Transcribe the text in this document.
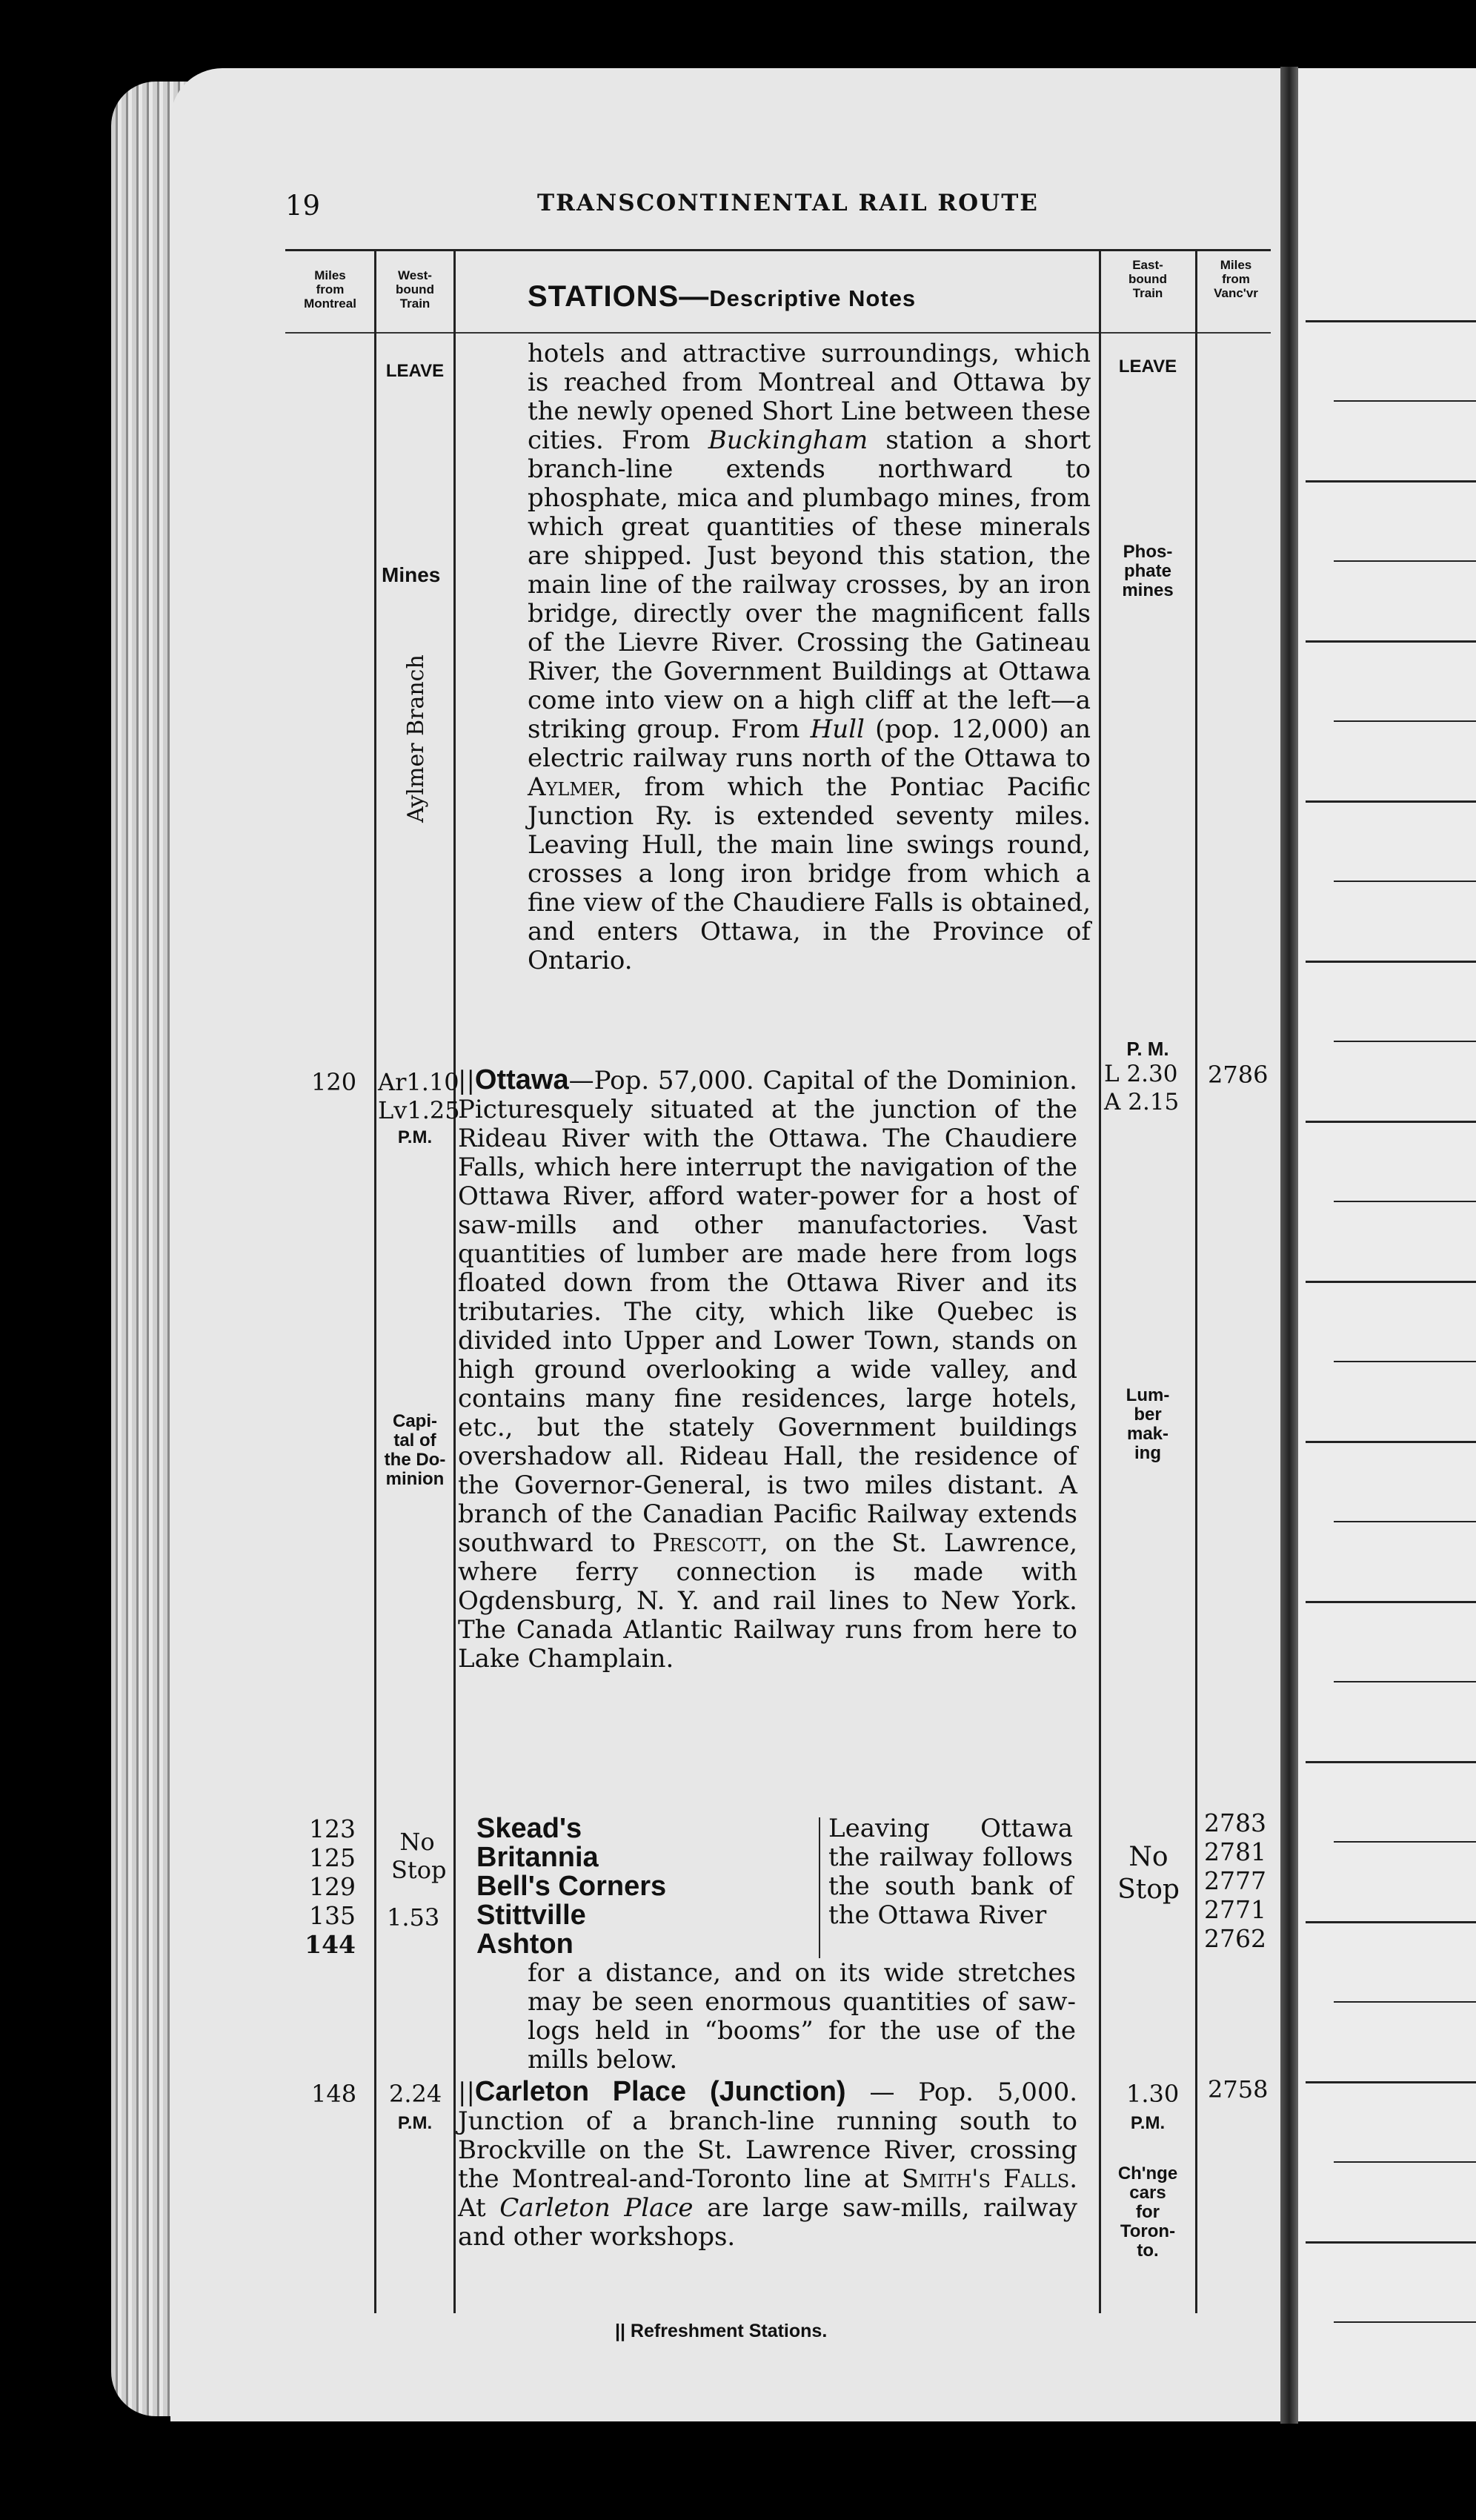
19	TRANSCONTINENTAL RAIL ROUTE
Miles
from
Montreal
West-
bound
Train	STATIONS—Descriptive Notes
East-
bound
Train
Miles
from
Vanc'vr
LEAVE
Mines
Aylmer Branch
Capi-
tal of
the Do-
minion
LEAVE
Phos-
phate
mines
P. M.
L 2.30
A 2.15
Lum-
ber
mak-
ing

hotels and attractive surroundings, which is reached from Montreal and Ottawa by the newly opened Short Line between these cities. From Buckingham station a short branch-line extends northward to phosphate, mica and plumbago mines, from which great quantities of these minerals are shipped. Just beyond this station, the main line of the railway crosses, by an iron bridge, directly over the magnificent falls of the Lievre River. Crossing the Gatineau River, the Government Buildings at Ottawa come into view on a high cliff at the left—a striking group. From Hull (pop. 12,000) an electric railway runs north of the Ottawa to Aylmer, from which the Pontiac Pacific Junction Ry. is extended seventy miles. Leaving Hull, the main line swings round, crosses a long iron bridge from which a fine view of the Chaudiere Falls is obtained, and enters Ottawa, in the Province of Ontario.

120 Ar1.10
Lv1.25
P.M.
2786

||Ottawa—Pop. 57,000. Capital of the Dominion. Picturesquely situated at the junction of the Rideau River with the Ottawa. The Chaudiere Falls, which here interrupt the navigation of the Ottawa River, afford water-power for a host of saw-mills and other manufactories. Vast quantities of lumber are made here from logs floated down from the Ottawa River and its tributaries. The city, which like Quebec is divided into Upper and Lower Town, stands on high ground overlooking a wide valley, and contains many fine residences, large hotels, etc., but the stately Government buildings overshadow all. Rideau Hall, the residence of the Governor-General, is two miles distant. A branch of the Canadian Pacific Railway extends southward to Prescott, on the St. Lawrence, where ferry connection is made with Ogdensburg, N. Y. and rail lines to New York. The Canada Atlantic Railway runs from here to Lake Champlain.

123
125
129
135
144
No
Stop
1.53
Skead's
Britannia
Bell's Corners
Stittville
Ashton

Leaving Ottawa the railway follows the south bank of the Ottawa River

No
Stop
2783
2781
2777
2771
2762

for a distance, and on its wide stretches may be seen enormous quantities of saw-logs held in “booms” for the use of the mills below.

148 2.24
P.M.
1.30
P.M.
Ch'nge
cars
for
Toron-
to.
2758

||Carleton Place (Junction) — Pop. 5,000. Junction of a branch-line running south to Brockville on the St. Lawrence River, crossing the Montreal-and-Toronto line at Smith's Falls. At Carleton Place are large saw-mills, railway and other workshops.

|| Refreshment Stations.
